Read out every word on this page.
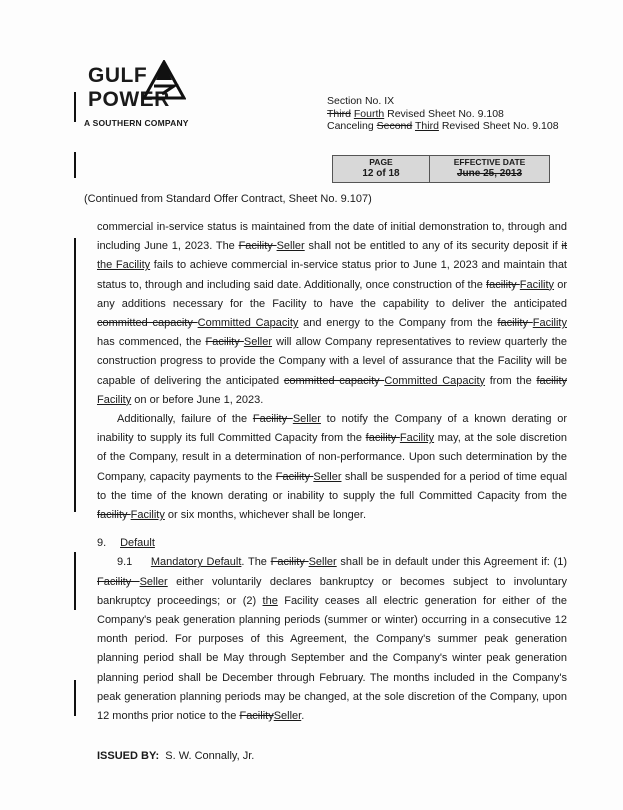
GULF
POWER
A SOUTHERN COMPANY
Section No. IX
Third Fourth Revised Sheet No. 9.108
Canceling Second Third Revised Sheet No. 9.108
PAGE
12 of 18
EFFECTIVE DATE
June 25, 2013
(Continued from Standard Offer Contract, Sheet No. 9.107)

commercial in-service status is maintained from the date of initial demonstration to, through and including June 1, 2023. The Facility Seller shall not be entitled to any of its security deposit if it the Facility fails to achieve commercial in-service status prior to June 1, 2023 and maintain that status to, through and including said date. Additionally, once construction of the facility Facility or any additions necessary for the Facility to have the capability to deliver the anticipated committed capacity Committed Capacity and energy to the Company from the facility Facility has commenced, the Facility Seller will allow Company representatives to review quarterly the construction progress to provide the Company with a level of assurance that the Facility will be capable of delivering the anticipated committed capacity Committed Capacity from the facility Facility on or before June 1, 2023.

Additionally, failure of the Facility Seller to notify the Company of a known derating or inability to supply its full Committed Capacity from the facility Facility may, at the sole discretion of the Company, result in a determination of non-performance. Upon such determination by the Company, capacity payments to the Facility Seller shall be suspended for a period of time equal to the time of the known derating or inability to supply the full Committed Capacity from the facility Facility or six months, whichever shall be longer.

9. Default

9.1 Mandatory Default. The Facility Seller shall be in default under this Agreement if: (1) Facility Seller either voluntarily declares bankruptcy or becomes subject to involuntary bankruptcy proceedings; or (2) the Facility ceases all electric generation for either of the Company's peak generation planning periods (summer or winter) occurring in a consecutive 12 month period. For purposes of this Agreement, the Company's summer peak generation planning period shall be May through September and the Company's winter peak generation planning period shall be December through February. The months included in the Company's peak generation planning periods may be changed, at the sole discretion of the Company, upon 12 months prior notice to the FacilitySeller.

ISSUED BY: S. W. Connally, Jr.
